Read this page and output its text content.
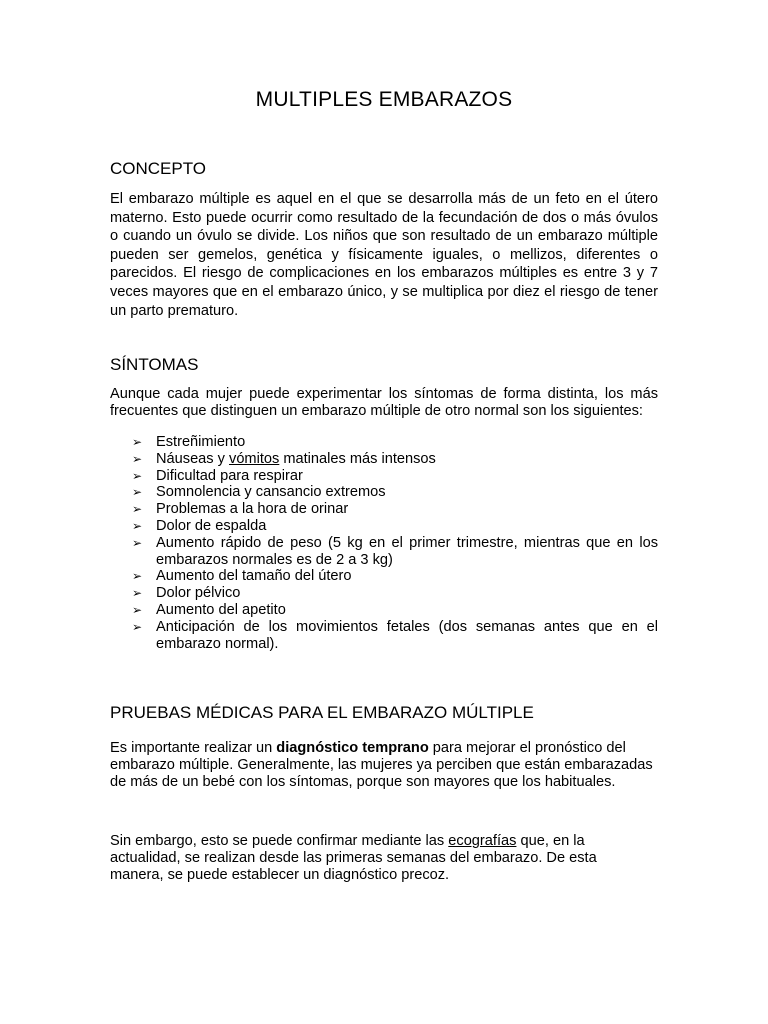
MULTIPLES EMBARAZOS
CONCEPTO

El embarazo múltiple es aquel en el que se desarrolla más de un feto en el útero materno. Esto puede ocurrir como resultado de la fecundación de dos o más óvulos o cuando un óvulo se divide. Los niños que son resultado de un embarazo múltiple pueden ser gemelos, genética y físicamente iguales, o mellizos, diferentes o parecidos. El riesgo de complicaciones en los embarazos múltiples es entre 3 y 7 veces mayores que en el embarazo único, y se multiplica por diez el riesgo de tener un parto prematuro.

SÍNTOMAS

Aunque cada mujer puede experimentar los síntomas de forma distinta, los más frecuentes que distinguen un embarazo múltiple de otro normal son los siguientes:

➢ Estreñimiento
➢ Náuseas y vómitos matinales más intensos
➢ Dificultad para respirar
➢ Somnolencia y cansancio extremos
➢ Problemas a la hora de orinar
➢ Dolor de espalda
➢ Aumento rápido de peso (5 kg en el primer trimestre, mientras que en los embarazos normales es de 2 a 3 kg)
➢ Aumento del tamaño del útero
➢ Dolor pélvico
➢ Aumento del apetito
➢ Anticipación de los movimientos fetales (dos semanas antes que en el embarazo normal).
PRUEBAS MÉDICAS PARA EL EMBARAZO MÚLTIPLE

Es importante realizar un diagnóstico temprano para mejorar el pronóstico del embarazo múltiple. Generalmente, las mujeres ya perciben que están embarazadas de más de un bebé con los síntomas, porque son mayores que los habituales.

Sin embargo, esto se puede confirmar mediante las ecografías que, en la actualidad, se realizan desde las primeras semanas del embarazo. De esta manera, se puede establecer un diagnóstico precoz.
